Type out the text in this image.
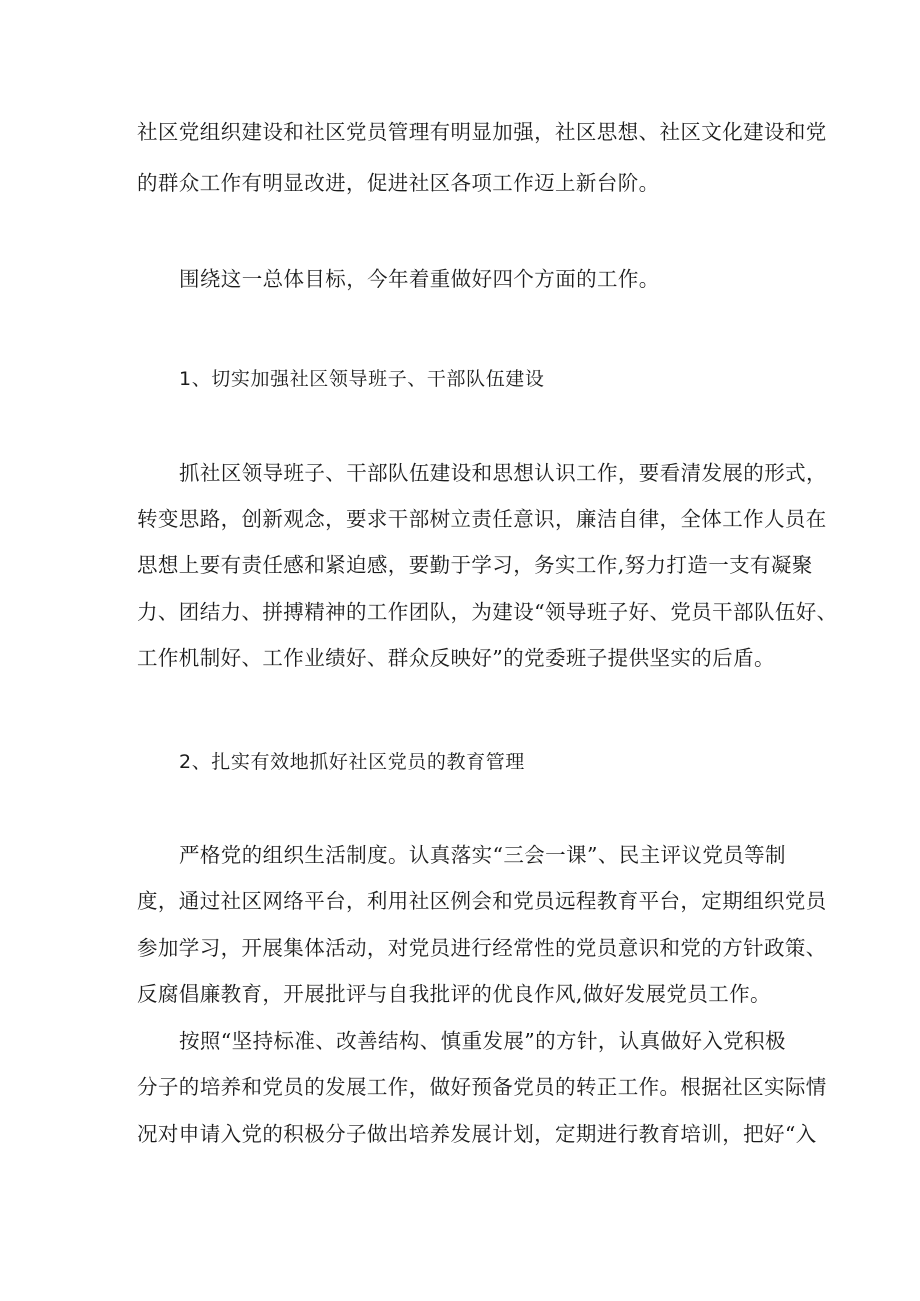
社区党组织建设和社区党员管理有明显加强，社区思想、社区文化建设和党
的群众工作有明显改进，促进社区各项工作迈上新台阶。
围绕这一总体目标，今年着重做好四个方面的工作。
1、切实加强社区领导班子、干部队伍建设
抓社区领导班子、干部队伍建设和思想认识工作，要看清发展的形式，
转变思路，创新观念，要求干部树立责任意识，廉洁自律，全体工作人员在
思想上要有责任感和紧迫感，要勤于学习，务实工作,努力打造一支有凝聚
力、团结力、拼搏精神的工作团队，为建设“领导班子好、党员干部队伍好、
工作机制好、工作业绩好、群众反映好”的党委班子提供坚实的后盾。
2、扎实有效地抓好社区党员的教育管理
严格党的组织生活制度。认真落实“三会一课”、民主评议党员等制
度，通过社区网络平台，利用社区例会和党员远程教育平台，定期组织党员
参加学习，开展集体活动，对党员进行经常性的党员意识和党的方针政策、
反腐倡廉教育，开展批评与自我批评的优良作风,做好发展党员工作。
按照“坚持标准、改善结构、慎重发展”的方针，认真做好入党积极
分子的培养和党员的发展工作，做好预备党员的转正工作。根据社区实际情
况对申请入党的积极分子做出培养发展计划，定期进行教育培训，把好“入
